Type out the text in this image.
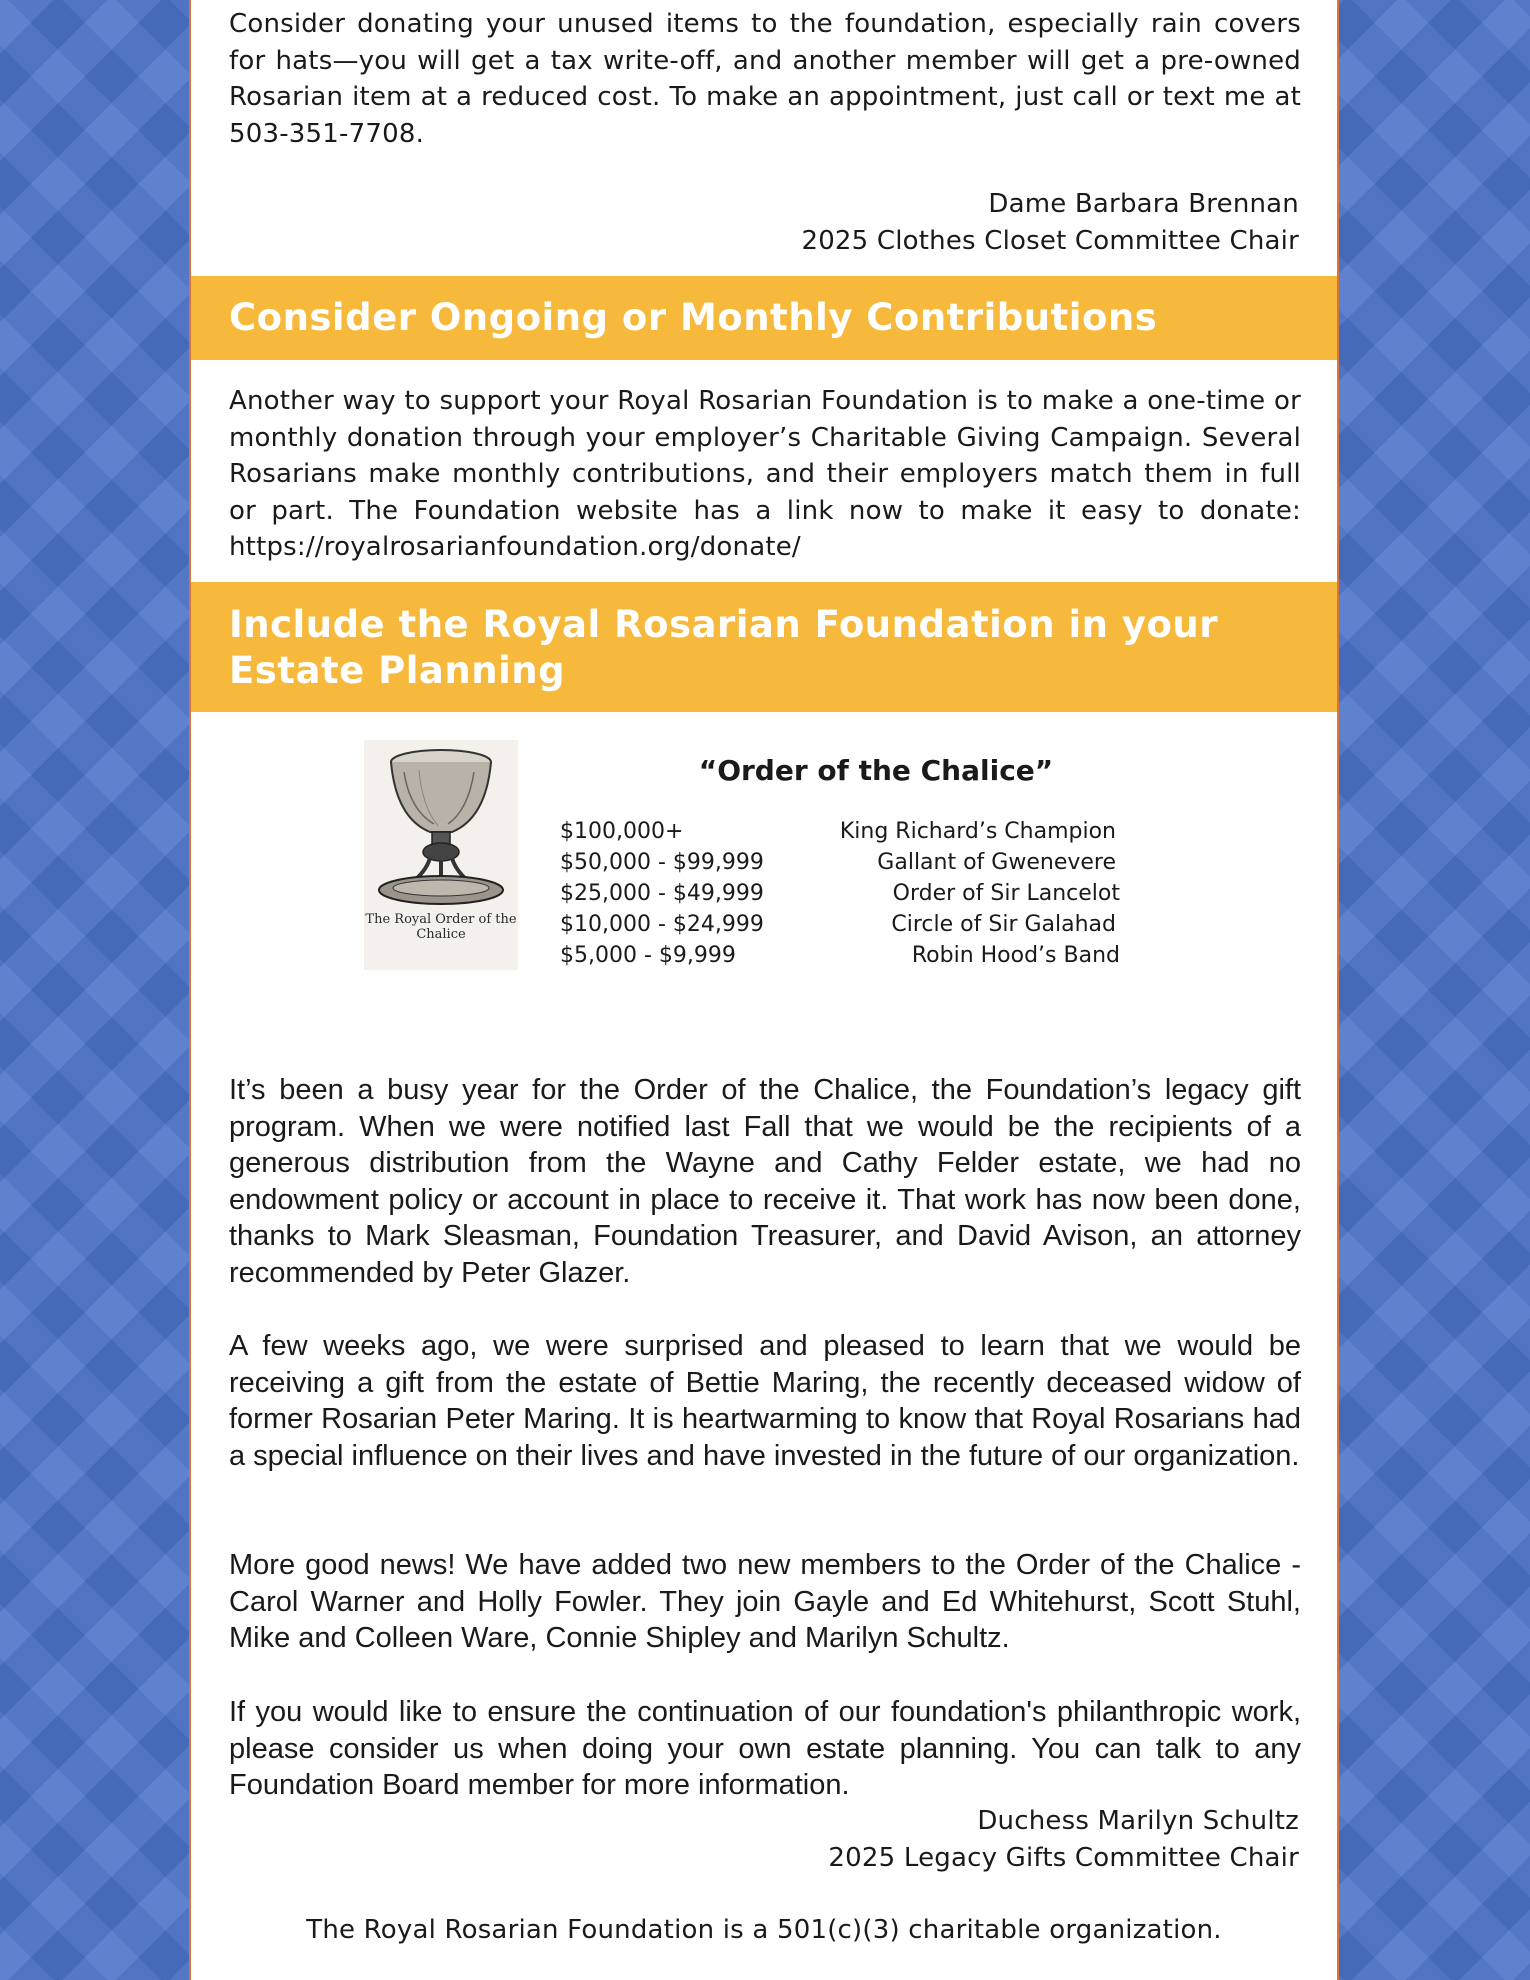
Consider donating your unused items to the foundation, especially rain covers for hats—you will get a tax write-off, and another member will get a pre-owned Rosarian item at a reduced cost. To make an appointment, just call or text me at 503-351-7708.

Dame Barbara Brennan
2025 Clothes Closet Committee Chair
Consider Ongoing or Monthly Contributions

Another way to support your Royal Rosarian Foundation is to make a one-time or monthly donation through your employer’s Charitable Giving Campaign. Several Rosarians make monthly contributions, and their employers match them in full or part. The Foundation website has a link now to make it easy to donate: https://royalrosarianfoundation.org/donate/

Include the Royal Rosarian Foundation in your Estate Planning
The Royal Order of the Chalice
“Order of the Chalice”
$100,000+	King Richard’s Champion
$50,000 - $99,999	Gallant of Gwenevere
$25,000 - $49,999	Order of Sir Lancelot
$10,000 - $24,999	Circle of Sir Galahad
$5,000 - $9,999	Robin Hood’s Band

It’s been a busy year for the Order of the Chalice, the Foundation’s legacy gift program. When we were notified last Fall that we would be the recipients of a generous distribution from the Wayne and Cathy Felder estate, we had no endowment policy or account in place to receive it. That work has now been done, thanks to Mark Sleasman, Foundation Treasurer, and David Avison, an attorney recommended by Peter Glazer.

A few weeks ago, we were surprised and pleased to learn that we would be receiving a gift from the estate of Bettie Maring, the recently deceased widow of former Rosarian Peter Maring. It is heartwarming to know that Royal Rosarians had a special influence on their lives and have invested in the future of our organization.

More good news! We have added two new members to the Order of the Chalice - Carol Warner and Holly Fowler. They join Gayle and Ed Whitehurst, Scott Stuhl, Mike and Colleen Ware, Connie Shipley and Marilyn Schultz.

If you would like to ensure the continuation of our foundation's philanthropic work, please consider us when doing your own estate planning. You can talk to any Foundation Board member for more information.

Duchess Marilyn Schultz
2025 Legacy Gifts Committee Chair
The Royal Rosarian Foundation is a 501(c)(3) charitable organization.
